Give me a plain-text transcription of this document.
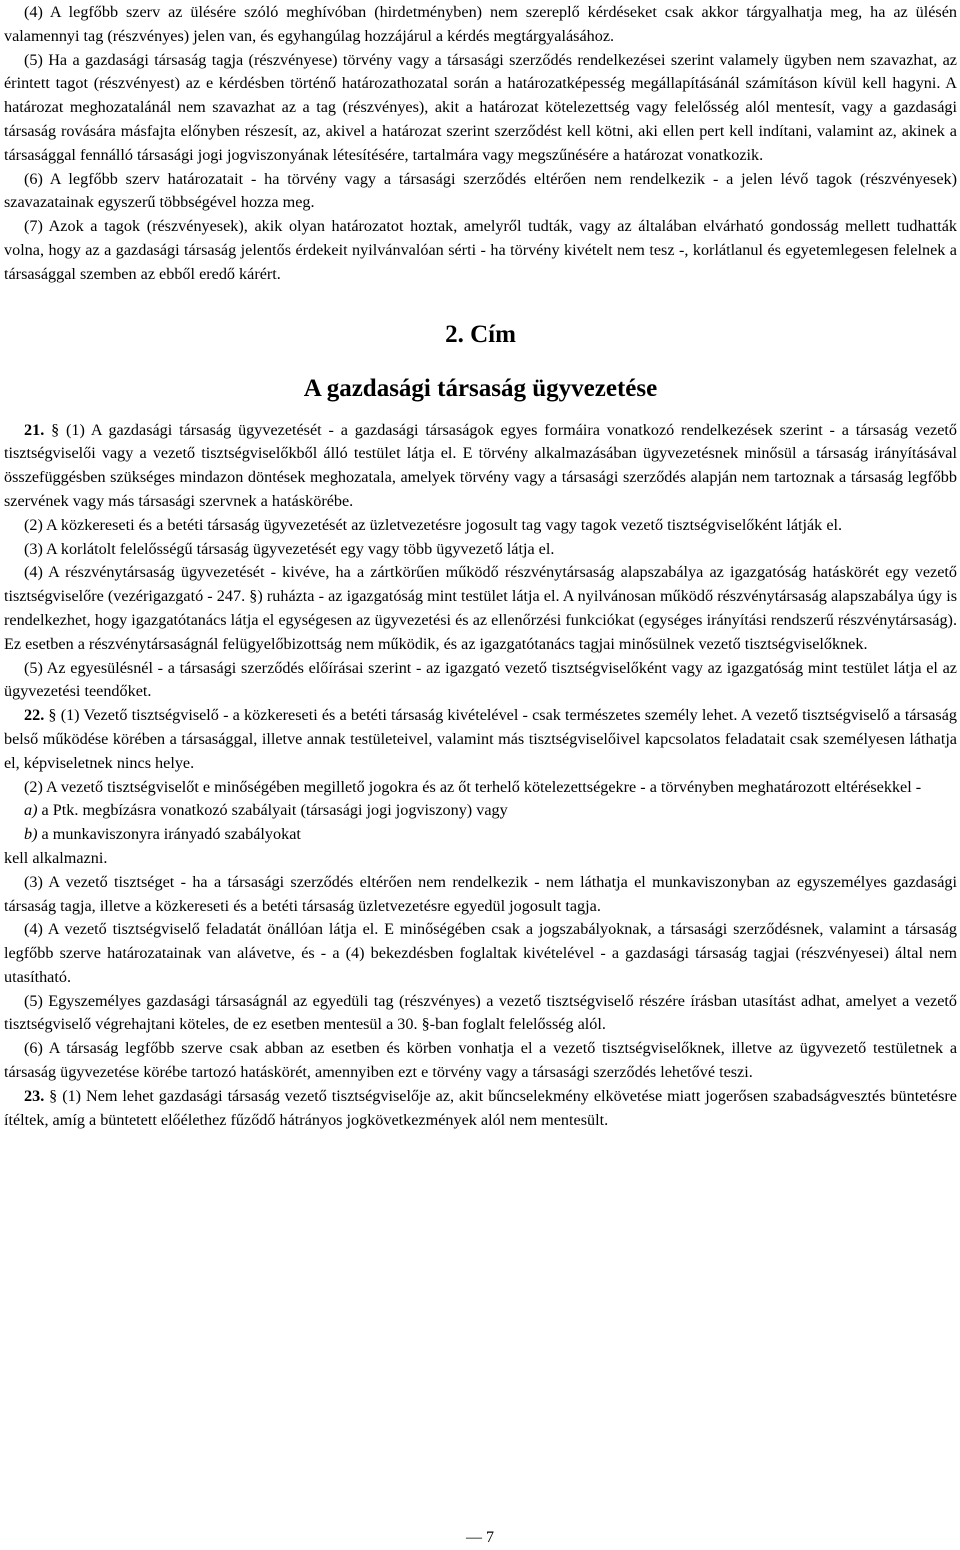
(4) A legfőbb szerv az ülésére szóló meghívóban (hirdetményben) nem szereplő kérdéseket csak akkor tárgyalhatja meg, ha az ülésén valamennyi tag (részvényes) jelen van, és egyhangúlag hozzájárul a kérdés megtárgyalásához.

(5) Ha a gazdasági társaság tagja (részvényese) törvény vagy a társasági szerződés rendelkezései szerint valamely ügyben nem szavazhat, az érintett tagot (részvényest) az e kérdésben történő határozathozatal során a határozatképesség megállapításánál számításon kívül kell hagyni. A határozat meghozatalánál nem szavazhat az a tag (részvényes), akit a határozat kötelezettség vagy felelősség alól mentesít, vagy a gazdasági társaság rovására másfajta előnyben részesít, az, akivel a határozat szerint szerződést kell kötni, aki ellen pert kell indítani, valamint az, akinek a társasággal fennálló társasági jogi jogviszonyának létesítésére, tartalmára vagy megszűnésére a határozat vonatkozik.

(6) A legfőbb szerv határozatait - ha törvény vagy a társasági szerződés eltérően nem rendelkezik - a jelen lévő tagok (részvényesek) szavazatainak egyszerű többségével hozza meg.

(7) Azok a tagok (részvényesek), akik olyan határozatot hoztak, amelyről tudták, vagy az általában elvárható gondosság mellett tudhatták volna, hogy az a gazdasági társaság jelentős érdekeit nyilvánvalóan sérti - ha törvény kivételt nem tesz -, korlátlanul és egyetemlegesen felelnek a társasággal szemben az ebből eredő kárért.

2. Cím
A gazdasági társaság ügyvezetése

21. § (1) A gazdasági társaság ügyvezetését - a gazdasági társaságok egyes formáira vonatkozó rendelkezések szerint - a társaság vezető tisztségviselői vagy a vezető tisztségviselőkből álló testület látja el. E törvény alkalmazásában ügyvezetésnek minősül a társaság irányításával összefüggésben szükséges mindazon döntések meghozatala, amelyek törvény vagy a társasági szerződés alapján nem tartoznak a társaság legfőbb szervének vagy más társasági szervnek a hatáskörébe.

(2) A közkereseti és a betéti társaság ügyvezetését az üzletvezetésre jogosult tag vagy tagok vezető tisztségviselőként látják el.

(3) A korlátolt felelősségű társaság ügyvezetését egy vagy több ügyvezető látja el.

(4) A részvénytársaság ügyvezetését - kivéve, ha a zártkörűen működő részvénytársaság alapszabálya az igazgatóság hatáskörét egy vezető tisztségviselőre (vezérigazgató - 247. §) ruházta - az igazgatóság mint testület látja el. A nyilvánosan működő részvénytársaság alapszabálya úgy is rendelkezhet, hogy igazgatótanács látja el egységesen az ügyvezetési és az ellenőrzési funkciókat (egységes irányítási rendszerű részvénytársaság). Ez esetben a részvénytársaságnál felügyelőbizottság nem működik, és az igazgatótanács tagjai minősülnek vezető tisztségviselőknek.

(5) Az egyesülésnél - a társasági szerződés előírásai szerint - az igazgató vezető tisztségviselőként vagy az igazgatóság mint testület látja el az ügyvezetési teendőket.

22. § (1) Vezető tisztségviselő - a közkereseti és a betéti társaság kivételével - csak természetes személy lehet. A vezető tisztségviselő a társaság belső működése körében a társasággal, illetve annak testületeivel, valamint más tisztségviselőivel kapcsolatos feladatait csak személyesen láthatja el, képviseletnek nincs helye.

(2) A vezető tisztségviselőt e minőségében megillető jogokra és az őt terhelő kötelezettségekre - a törvényben meghatározott eltérésekkel -

a) a Ptk. megbízásra vonatkozó szabályait (társasági jogi jogviszony) vagy

b) a munkaviszonyra irányadó szabályokat

kell alkalmazni.

(3) A vezető tisztséget - ha a társasági szerződés eltérően nem rendelkezik - nem láthatja el munkaviszonyban az egyszemélyes gazdasági társaság tagja, illetve a közkereseti és a betéti társaság üzletvezetésre egyedül jogosult tagja.

(4) A vezető tisztségviselő feladatát önállóan látja el. E minőségében csak a jogszabályoknak, a társasági szerződésnek, valamint a társaság legfőbb szerve határozatainak van alávetve, és - a (4) bekezdésben foglaltak kivételével - a gazdasági társaság tagjai (részvényesei) által nem utasítható.

(5) Egyszemélyes gazdasági társaságnál az egyedüli tag (részvényes) a vezető tisztségviselő részére írásban utasítást adhat, amelyet a vezető tisztségviselő végrehajtani köteles, de ez esetben mentesül a 30. §-ban foglalt felelősség alól.

(6) A társaság legfőbb szerve csak abban az esetben és körben vonhatja el a vezető tisztségviselőknek, illetve az ügyvezető testületnek a társaság ügyvezetése körébe tartozó hatáskörét, amennyiben ezt e törvény vagy a társasági szerződés lehetővé teszi.

23. § (1) Nem lehet gazdasági társaság vezető tisztségviselője az, akit bűncselekmény elkövetése miatt jogerősen szabadságvesztés büntetésre ítéltek, amíg a büntetett előélethez fűződő hátrányos jogkövetkezmények alól nem mentesült.

— 7
